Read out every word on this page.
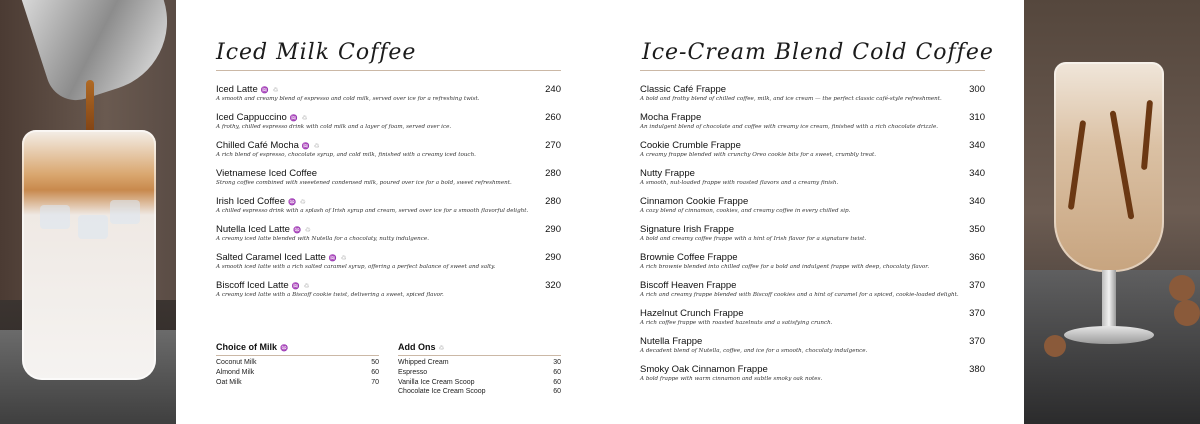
Iced Milk Coffee
Iced Latte ♒ ♲	240
A smooth and creamy blend of espresso and cold milk, served over ice for a refreshing twist.
Iced Cappuccino ♒ ♲	260
A frothy, chilled espresso drink with cold milk and a layer of foam, served over ice.
Chilled Café Mocha ♒ ♲	270
A rich blend of espresso, chocolate syrup, and cold milk, finished with a creamy iced touch.
Vietnamese Iced Coffee	280
Strong coffee combined with sweetened condensed milk, poured over ice for a bold, sweet refreshment.
Irish Iced Coffee ♒ ♲	280
A chilled espresso drink with a splash of Irish syrup and cream, served over ice for a smooth flavorful delight.
Nutella Iced Latte ♒ ♲	290
A creamy iced latte blended with Nutella for a chocolaty, nutty indulgence.
Salted Caramel Iced Latte ♒ ♲	290
A smooth iced latte with a rich salted caramel syrup, offering a perfect balance of sweet and salty.
Biscoff Iced Latte ♒ ♲	320
A creamy iced latte with a Biscoff cookie twist, delivering a sweet, spiced flavor.
Choice of Milk ♒
Coconut Milk	50
Almond Milk	60
Oat Milk	70
Add Ons ♲
Whipped Cream	30
Espresso	60
Vanilla Ice Cream Scoop	60
Chocolate Ice Cream Scoop	60
Ice-Cream Blend Cold Coffee
Classic Café Frappe	300
A bold and frothy blend of chilled coffee, milk, and ice cream — the perfect classic café-style refreshment.
Mocha Frappe	310
An indulgent blend of chocolate and coffee with creamy ice cream, finished with a rich chocolate drizzle.
Cookie Crumble Frappe	340
A creamy frappe blended with crunchy Oreo cookie bits for a sweet, crumbly treat.
Nutty Frappe	340
A smooth, nut-loaded frappe with roasted flavors and a creamy finish.
Cinnamon Cookie Frappe	340
A cozy blend of cinnamon, cookies, and creamy coffee in every chilled sip.
Signature Irish Frappe	350
A bold and creamy coffee frappe with a hint of Irish flavor for a signature twist.
Brownie Coffee Frappe	360
A rich brownie blended into chilled coffee for a bold and indulgent frappe with deep, chocolaty flavor.
Biscoff Heaven Frappe	370
A rich and creamy frappe blended with Biscoff cookies and a hint of caramel for a spiced, cookie-loaded delight.
Hazelnut Crunch Frappe	370
A rich coffee frappe with roasted hazelnuts and a satisfying crunch.
Nutella Frappe	370
A decadent blend of Nutella, coffee, and ice for a smooth, chocolaty indulgence.
Smoky Oak Cinnamon Frappe	380
A bold frappe with warm cinnamon and subtle smoky oak notes.
